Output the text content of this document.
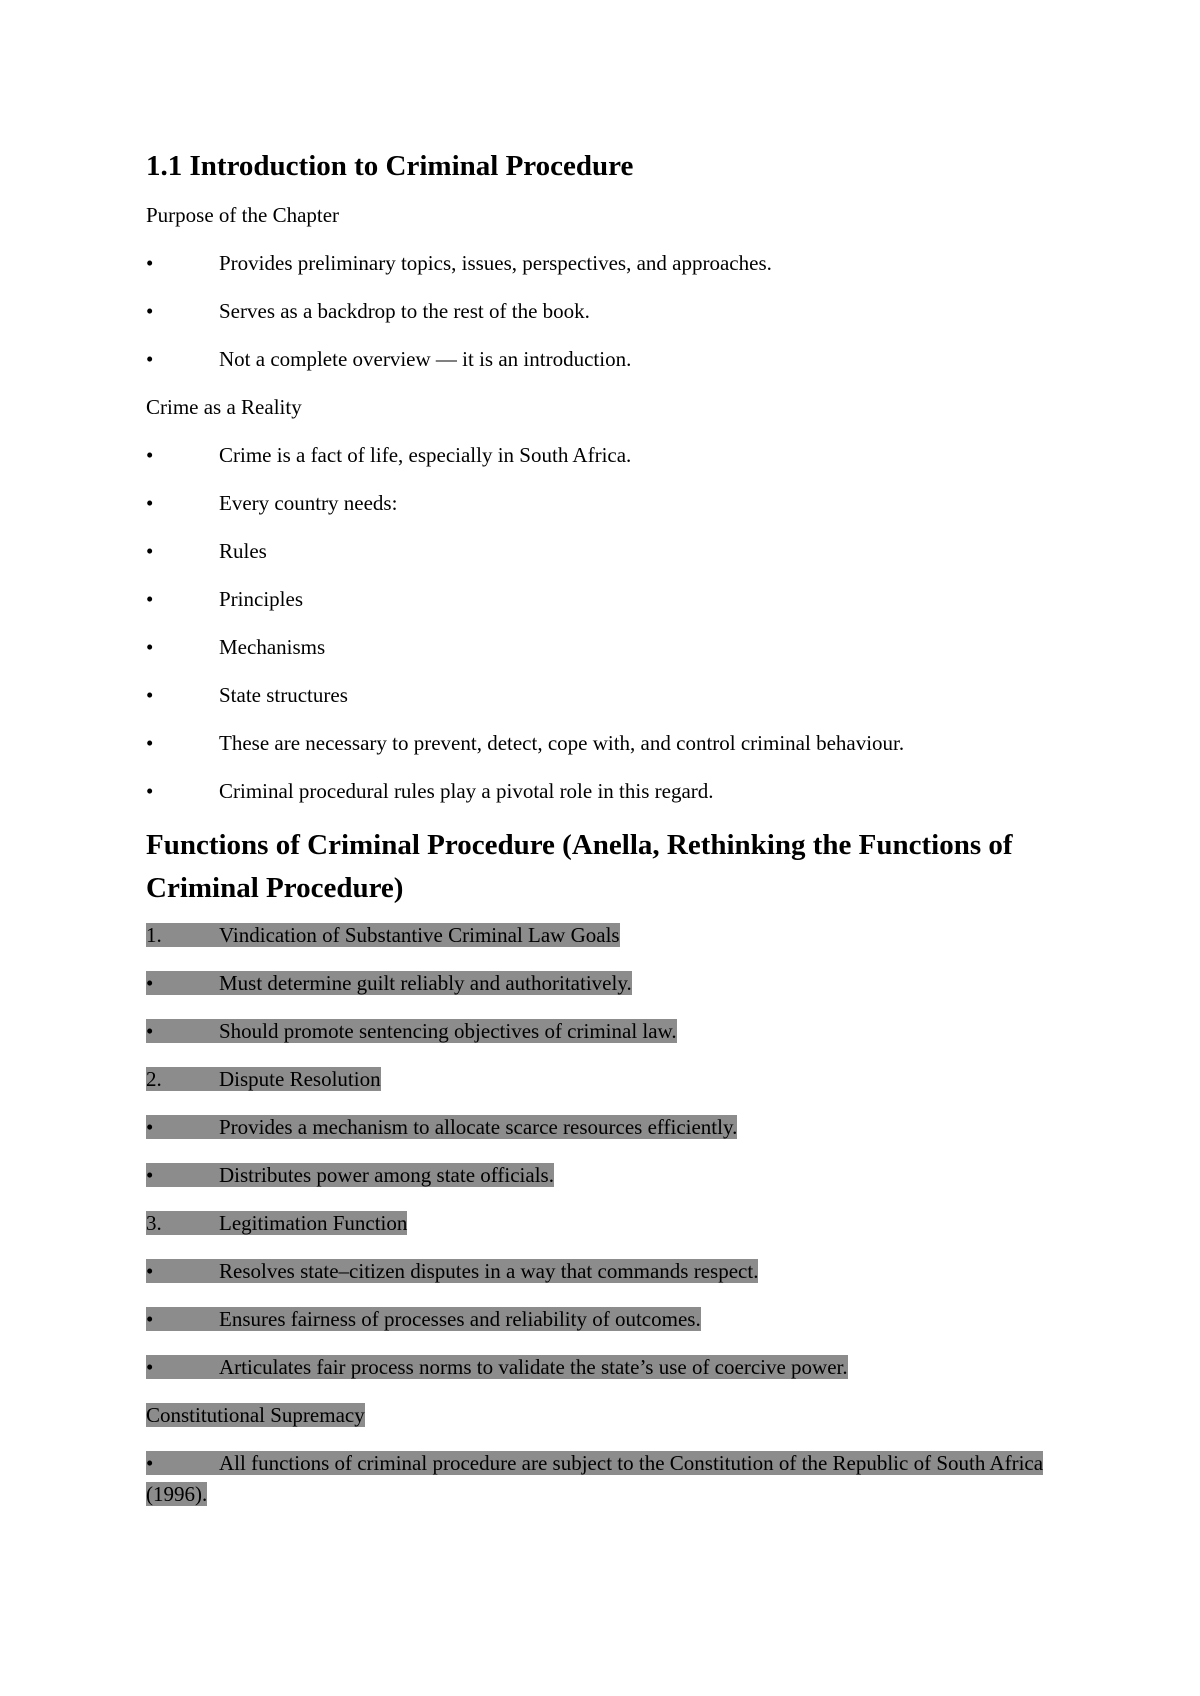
1.1 Introduction to Criminal Procedure
Purpose of the Chapter
•	Provides preliminary topics, issues, perspectives, and approaches.
•	Serves as a backdrop to the rest of the book.
•	Not a complete overview — it is an introduction.
Crime as a Reality
•	Crime is a fact of life, especially in South Africa.
•	Every country needs:
•	Rules
•	Principles
•	Mechanisms
•	State structures
•	These are necessary to prevent, detect, cope with, and control criminal behaviour.
•	Criminal procedural rules play a pivotal role in this regard.
Functions of Criminal Procedure (Anella, Rethinking the Functions of Criminal Procedure)
1.	Vindication of Substantive Criminal Law Goals
•	Must determine guilt reliably and authoritatively.
•	Should promote sentencing objectives of criminal law.
2.	Dispute Resolution
•	Provides a mechanism to allocate scarce resources efficiently.
•	Distributes power among state officials.
3.	Legitimation Function
•	Resolves state–citizen disputes in a way that commands respect.
•	Ensures fairness of processes and reliability of outcomes.
•	Articulates fair process norms to validate the state’s use of coercive power.
Constitutional Supremacy
•	All functions of criminal procedure are subject to the Constitution of the Republic of South Africa (1996).
